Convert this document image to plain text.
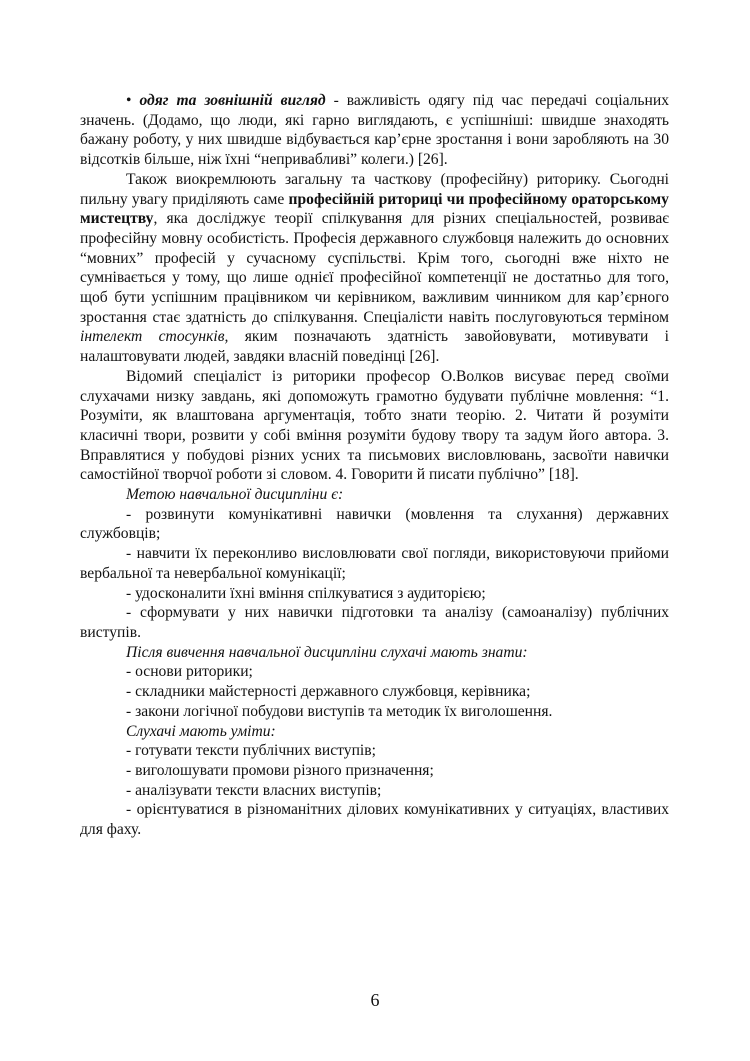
• одяг та зовнішній вигляд - важливість одягу під час передачі соціальних значень. (Додамо, що люди, які гарно виглядають, є успішніші: швидше знаходять бажану роботу, у них швидше відбувається кар’єрне зростання і вони заробляють на 30 відсотків більше, ніж їхні “непривабливі” колеги.) [26].

Також виокремлюють загальну та часткову (професійну) риторику. Сьогодні пильну увагу приділяють саме професійній риториці чи професійному ораторському мистецтву, яка досліджує теорії спілкування для різних спеціальностей, розвиває професійну мовну особистість. Професія державного службовця належить до основних “мовних” професій у сучасному суспільстві. Крім того, сьогодні вже ніхто не сумнівається у тому, що лише однієї професійної компетенції не достатньо для того, щоб бути успішним працівником чи керівником, важливим чинником для кар’єрного зростання стає здатність до спілкування. Спеціалісти навіть послуговуються терміном інтелект стосунків, яким позначають здатність завойовувати, мотивувати і налаштовувати людей, завдяки власній поведінці [26].

Відомий спеціаліст із риторики професор О.Волков висуває перед своїми слухачами низку завдань, які допоможуть грамотно будувати публічне мовлення: “1. Розуміти, як влаштована аргументація, тобто знати теорію. 2. Читати й розуміти класичні твори, розвити у собі вміння розуміти будову твору та задум його автора. 3. Вправлятися у побудові різних усних та письмових висловлювань, засвоїти навички самостійної творчої роботи зі словом. 4. Говорити й писати публічно” [18].

Метою навчальної дисципліни є:

- розвинути комунікативні навички (мовлення та слухання) державних службовців;

- навчити їх переконливо висловлювати свої погляди, використовуючи прийоми вербальної та невербальної комунікації;

- удосконалити їхні вміння спілкуватися з аудиторією;

- сформувати у них навички підготовки та аналізу (самоаналізу) публічних виступів.

Після вивчення навчальної дисципліни слухачі мають знати:

- основи риторики;

- складники майстерності державного службовця, керівника;

- закони логічної побудови виступів та методик їх виголошення.

Слухачі мають уміти:

- готувати тексти публічних виступів;

- виголошувати промови різного призначення;

- аналізувати тексти власних виступів;

- орієнтуватися в різноманітних ділових комунікативних у ситуаціях, властивих для фаху.

6
